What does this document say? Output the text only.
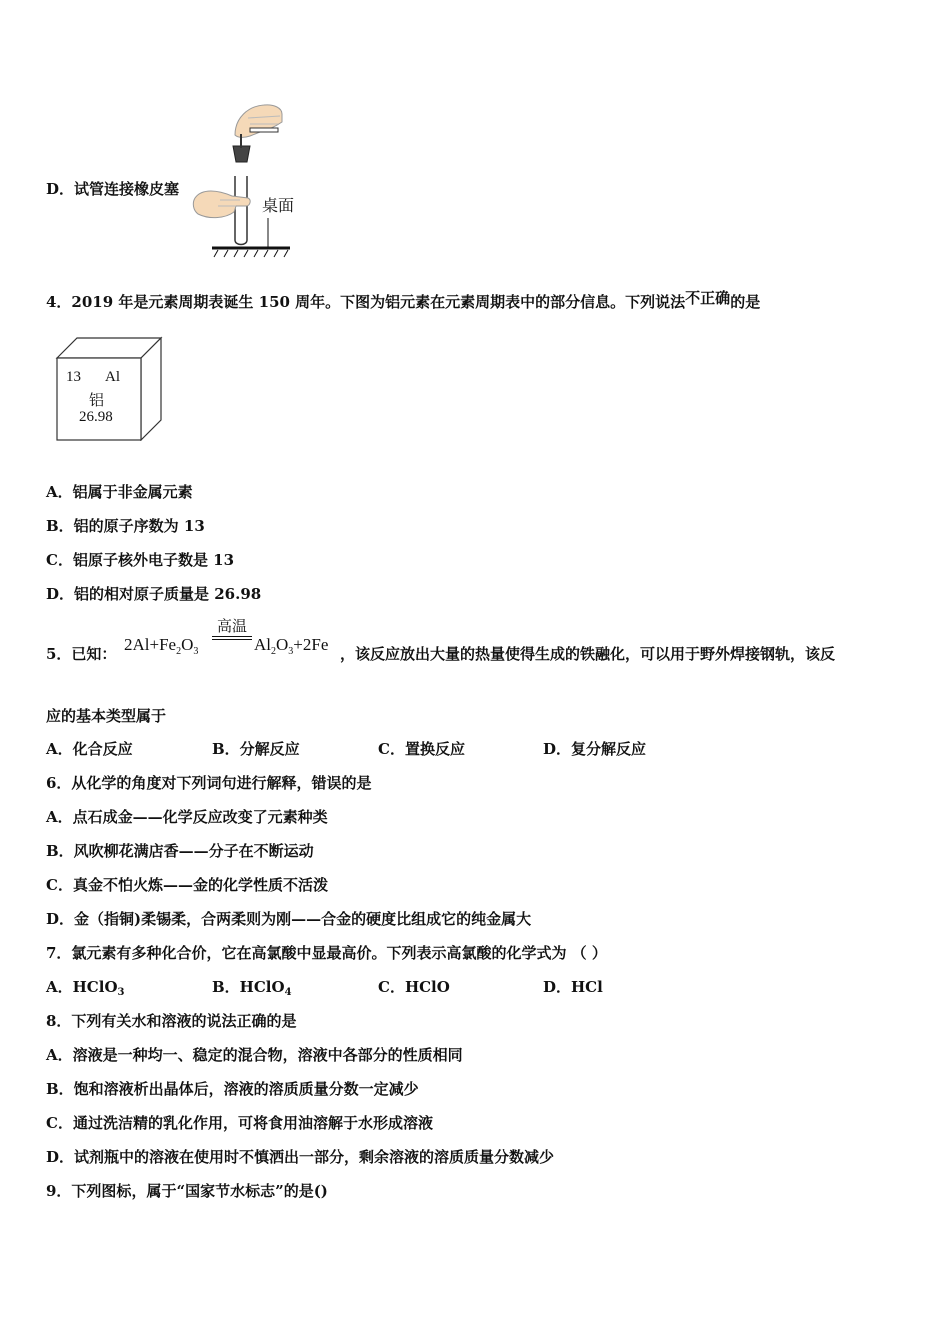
D．试管连接橡皮塞
桌面
4．2019 年是元素周期表诞生 150 周年。下图为铝元素在元素周期表中的部分信息。下列说法不正确的是
13 Al
铝
26.98
A．铝属于非金属元素
B．铝的原子序数为 13
C．铝原子核外电子数是 13
D．铝的相对原子质量是 26.98
5．已知： $2Al+Fe_2O_3$
高温
$Al_2O_3+2Fe$ ，该反应放出大量的热量使得生成的铁融化，可以用于野外焊接钢轨，该反
应的基本类型属于
A．化合反应	B．分解反应	C．置换反应	D．复分解反应
6．从化学的角度对下列词句进行解释，错误的是
A．点石成金——化学反应改变了元素种类
B．风吹柳花满店香——分子在不断运动
C．真金不怕火炼——金的化学性质不活泼
D．金（指铜)柔锡柔，合两柔则为刚——合金的硬度比组成它的纯金属大
7．氯元素有多种化合价，它在高氯酸中显最高价。下列表示高氯酸的化学式为 （ ）
A．HClO$_3$	B．HClO$_4$	C．HClO	D．HCl
8．下列有关水和溶液的说法正确的是
A．溶液是一种均一、稳定的混合物，溶液中各部分的性质相同
B．饱和溶液析出晶体后，溶液的溶质质量分数一定减少
C．通过洗洁精的乳化作用，可将食用油溶解于水形成溶液
D．试剂瓶中的溶液在使用时不慎洒出一部分，剩余溶液的溶质质量分数减少
9．下列图标，属于“国家节水标志”的是()
